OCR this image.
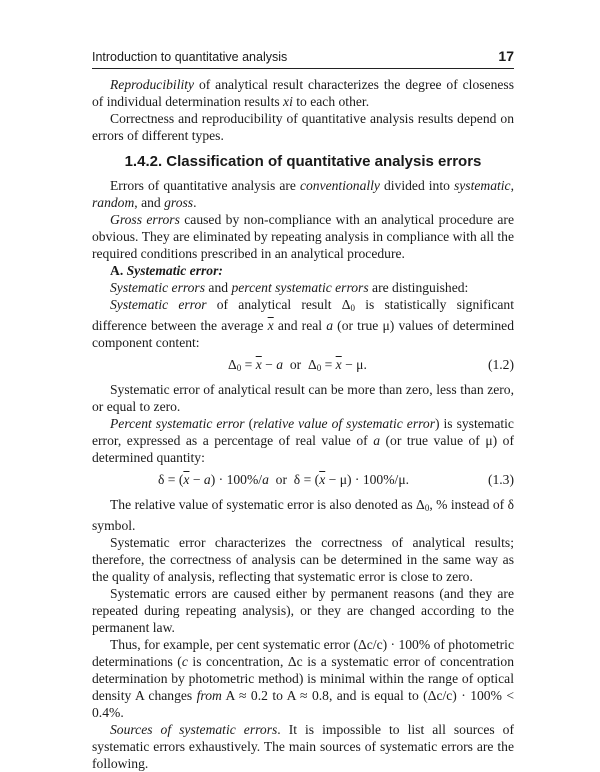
Introduction to quantitative analysis	17

Reproducibility of analytical result characterizes the degree of closeness of individual determination results xi to each other.

Correctness and reproducibility of quantitative analysis results depend on errors of different types.

1.4.2. Classification of quantitative analysis errors

Errors of quantitative analysis are conventionally divided into systematic, random, and gross.

Gross errors caused by non-compliance with an analytical procedure are obvious. They are eliminated by repeating analysis in compliance with all the required conditions prescribed in an analytical procedure.

A. Systematic error:

Systematic errors and percent systematic errors are distinguished:

Systematic error of analytical result $\Delta_0$ is statistically significant difference between the average $\overline{x}$ and real a (or true μ) values of determined component content:

$\Delta_0 = \overline{x} - a$  or  $\Delta_0 = \overline{x} - \mu$.	(1.2)

Systematic error of analytical result can be more than zero, less than zero, or equal to zero.

Percent systematic error (relative value of systematic error) is systematic error, expressed as a percentage of real value of a (or true value of μ) of determined quantity:

$\delta = (\overline{x} - a) \cdot 100\%/a$  or  $\delta = (\overline{x} - \mu) \cdot 100\%/\mu$.	(1.3)

The relative value of systematic error is also denoted as $\Delta_0$, % instead of δ symbol.

Systematic error characterizes the correctness of analytical results; therefore, the correctness of analysis can be determined in the same way as the quality of analysis, reflecting that systematic error is close to zero.

Systematic errors are caused either by permanent reasons (and they are repeated during repeating analysis), or they are changed according to the permanent law.

Thus, for example, per cent systematic error (Δc/c) · 100% of photometric determinations (c is concentration, Δc is a systematic error of concentration determination by photometric method) is minimal within the range of optical density A changes from A ≈ 0.2 to A ≈ 0.8, and is equal to (Δc/c) · 100% < 0.4%.

Sources of systematic errors. It is impossible to list all sources of systematic errors exhaustively. The main sources of systematic errors are the following.
